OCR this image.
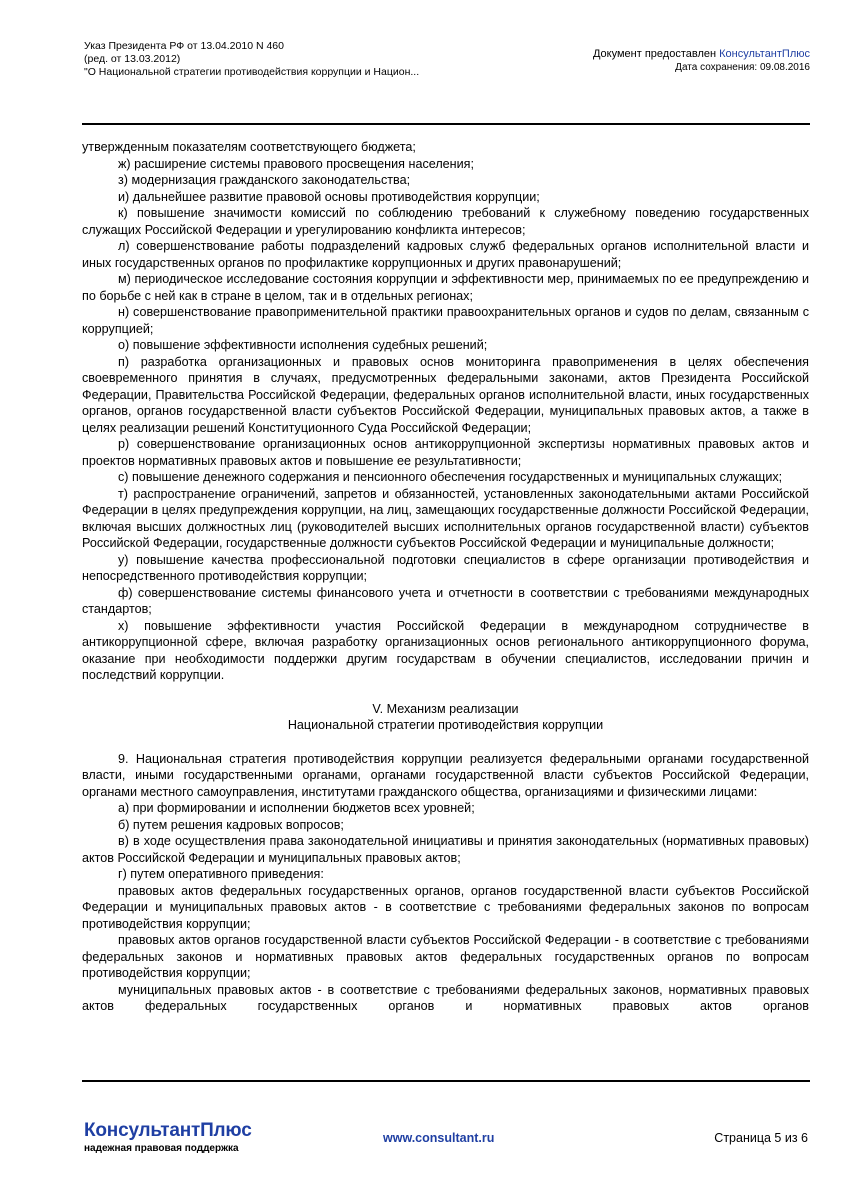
Указ Президента РФ от 13.04.2010 N 460
(ред. от 13.03.2012)
"О Национальной стратегии противодействия коррупции и Национ...
Документ предоставлен КонсультантПлюс
Дата сохранения: 09.08.2016

утвержденным показателям соответствующего бюджета;

ж) расширение системы правового просвещения населения;

з) модернизация гражданского законодательства;

и) дальнейшее развитие правовой основы противодействия коррупции;

к) повышение значимости комиссий по соблюдению требований к служебному поведению государственных служащих Российской Федерации и урегулированию конфликта интересов;

л) совершенствование работы подразделений кадровых служб федеральных органов исполнительной власти и иных государственных органов по профилактике коррупционных и других правонарушений;

м) периодическое исследование состояния коррупции и эффективности мер, принимаемых по ее предупреждению и по борьбе с ней как в стране в целом, так и в отдельных регионах;

н) совершенствование правоприменительной практики правоохранительных органов и судов по делам, связанным с коррупцией;

о) повышение эффективности исполнения судебных решений;

п) разработка организационных и правовых основ мониторинга правоприменения в целях обеспечения своевременного принятия в случаях, предусмотренных федеральными законами, актов Президента Российской Федерации, Правительства Российской Федерации, федеральных органов исполнительной власти, иных государственных органов, органов государственной власти субъектов Российской Федерации, муниципальных правовых актов, а также в целях реализации решений Конституционного Суда Российской Федерации;

р) совершенствование организационных основ антикоррупционной экспертизы нормативных правовых актов и проектов нормативных правовых актов и повышение ее результативности;

с) повышение денежного содержания и пенсионного обеспечения государственных и муниципальных служащих;

т) распространение ограничений, запретов и обязанностей, установленных законодательными актами Российской Федерации в целях предупреждения коррупции, на лиц, замещающих государственные должности Российской Федерации, включая высших должностных лиц (руководителей высших исполнительных органов государственной власти) субъектов Российской Федерации, государственные должности субъектов Российской Федерации и муниципальные должности;

у) повышение качества профессиональной подготовки специалистов в сфере организации противодействия и непосредственного противодействия коррупции;

ф) совершенствование системы финансового учета и отчетности в соответствии с требованиями международных стандартов;

х) повышение эффективности участия Российской Федерации в международном сотрудничестве в антикоррупционной сфере, включая разработку организационных основ регионального антикоррупционного форума, оказание при необходимости поддержки другим государствам в обучении специалистов, исследовании причин и последствий коррупции.

V. Механизм реализации

Национальной стратегии противодействия коррупции

9. Национальная стратегия противодействия коррупции реализуется федеральными органами государственной власти, иными государственными органами, органами государственной власти субъектов Российской Федерации, органами местного самоуправления, институтами гражданского общества, организациями и физическими лицами:

а) при формировании и исполнении бюджетов всех уровней;

б) путем решения кадровых вопросов;

в) в ходе осуществления права законодательной инициативы и принятия законодательных (нормативных правовых) актов Российской Федерации и муниципальных правовых актов;

г) путем оперативного приведения:

правовых актов федеральных государственных органов, органов государственной власти субъектов Российской Федерации и муниципальных правовых актов - в соответствие с требованиями федеральных законов по вопросам противодействия коррупции;

правовых актов органов государственной власти субъектов Российской Федерации - в соответствие с требованиями федеральных законов и нормативных правовых актов федеральных государственных органов по вопросам противодействия коррупции;

муниципальных правовых актов - в соответствие с требованиями федеральных законов, нормативных правовых актов федеральных государственных органов и нормативных правовых актов органов

КонсультантПлюс
надежная правовая поддержка
www.consultant.ru	Страница 5 из 6
